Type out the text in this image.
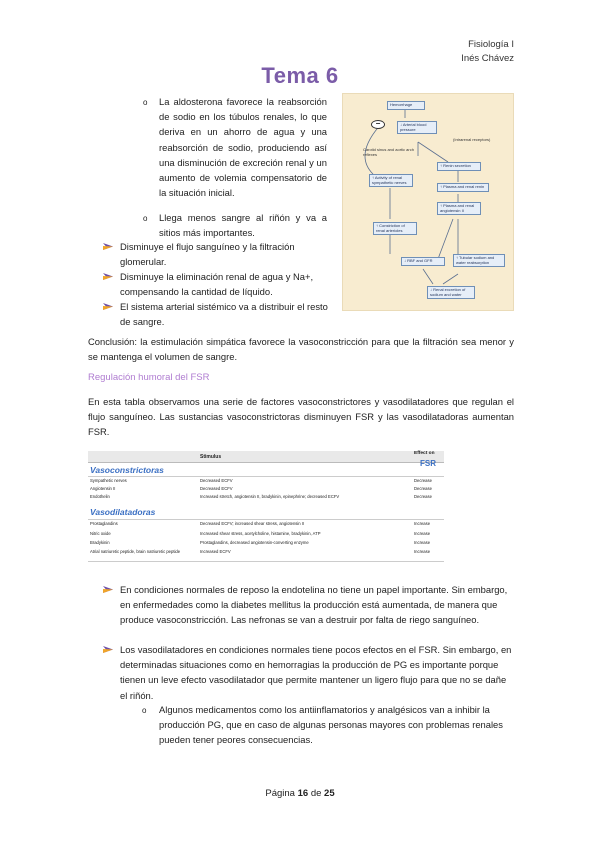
Fisiología I
Inés Chávez
Tema 6
o La aldosterona favorece la reabsorción de sodio en los túbulos renales, lo que deriva en un ahorro de agua y una reabsorción de sodio, produciendo así una disminución de excreción renal y un aumento de volemia compensatorio de la situación inicial.
o Llega menos sangre al riñón y va a sitios más importantes.
Disminuye el flujo sanguíneo y la filtración glomerular.
Disminuye la eliminación renal de agua y Na+, compensando la cantidad de líquido.
El sistema arterial sistémico va a distribuir el resto de sangre.
Hemorrhage
−	↓ Arterial blood pressure
(Intrarenal receptors)
Carotid sinus and aortic arch reflexes
↑ Renin secretion
↑ Activity of renal sympathetic nerves
↑ Plasma and renal renin
↑ Plasma and renal angiotensin II
↑ Constriction of renal arterioles
↓ RBF and GFR
↑ Tubular sodium and water reabsorption
↓ Renal excretion of sodium and water
Conclusión: la estimulación simpática favorece la vasoconstricción para que la filtración sea menor y se mantenga el volumen de sangre.
Regulación humoral del FSR
En esta tabla observamos una serie de factores vasoconstrictores y vasodilatadores que regulan el flujo sanguíneo. Las sustancias vasoconstrictoras disminuyen FSR y las vasodilatadoras aumentan FSR.
Stimulus
Effect on
FSR
Vasoconstrictoras
Sympathetic nerves	Decreased ECFV	Decrease
Angiotensin II	Decreased ECFV	Decrease
Endothelin	Increased stretch, angiotensin II, bradykinin, epinephrine; decreased ECFV	Decrease
Vasodilatadoras
Prostaglandins	Decreased ECFV; increased shear stress, angiotensin II	Increase
Nitric oxide	Increased shear stress, acetylcholine, histamine, bradykinin, ATP	Increase
Bradykinin	Prostaglandins, decreased angiotensin-converting enzyme	Increase
Atrial natriuretic peptide, brain natriuretic peptide	Increased ECFV	Increase
En condiciones normales de reposo la endotelina no tiene un papel importante. Sin embargo, en enfermedades como la diabetes mellitus la producción está aumentada, de manera que produce vasoconstricción. Las nefronas se van a destruir por falta de riego sanguíneo.
Los vasodilatadores en condiciones normales tiene pocos efectos en el FSR. Sin embargo, en determinadas situaciones como en hemorragias la producción de PG es importante porque tienen un leve efecto vasodilatador que permite mantener un ligero flujo para que no se dañe el riñón.
o Algunos medicamentos como los antiinflamatorios y analgésicos van a inhibir la producción PG, que en caso de algunas personas mayores con problemas renales pueden tener peores consecuencias.
Página 16 de 25
